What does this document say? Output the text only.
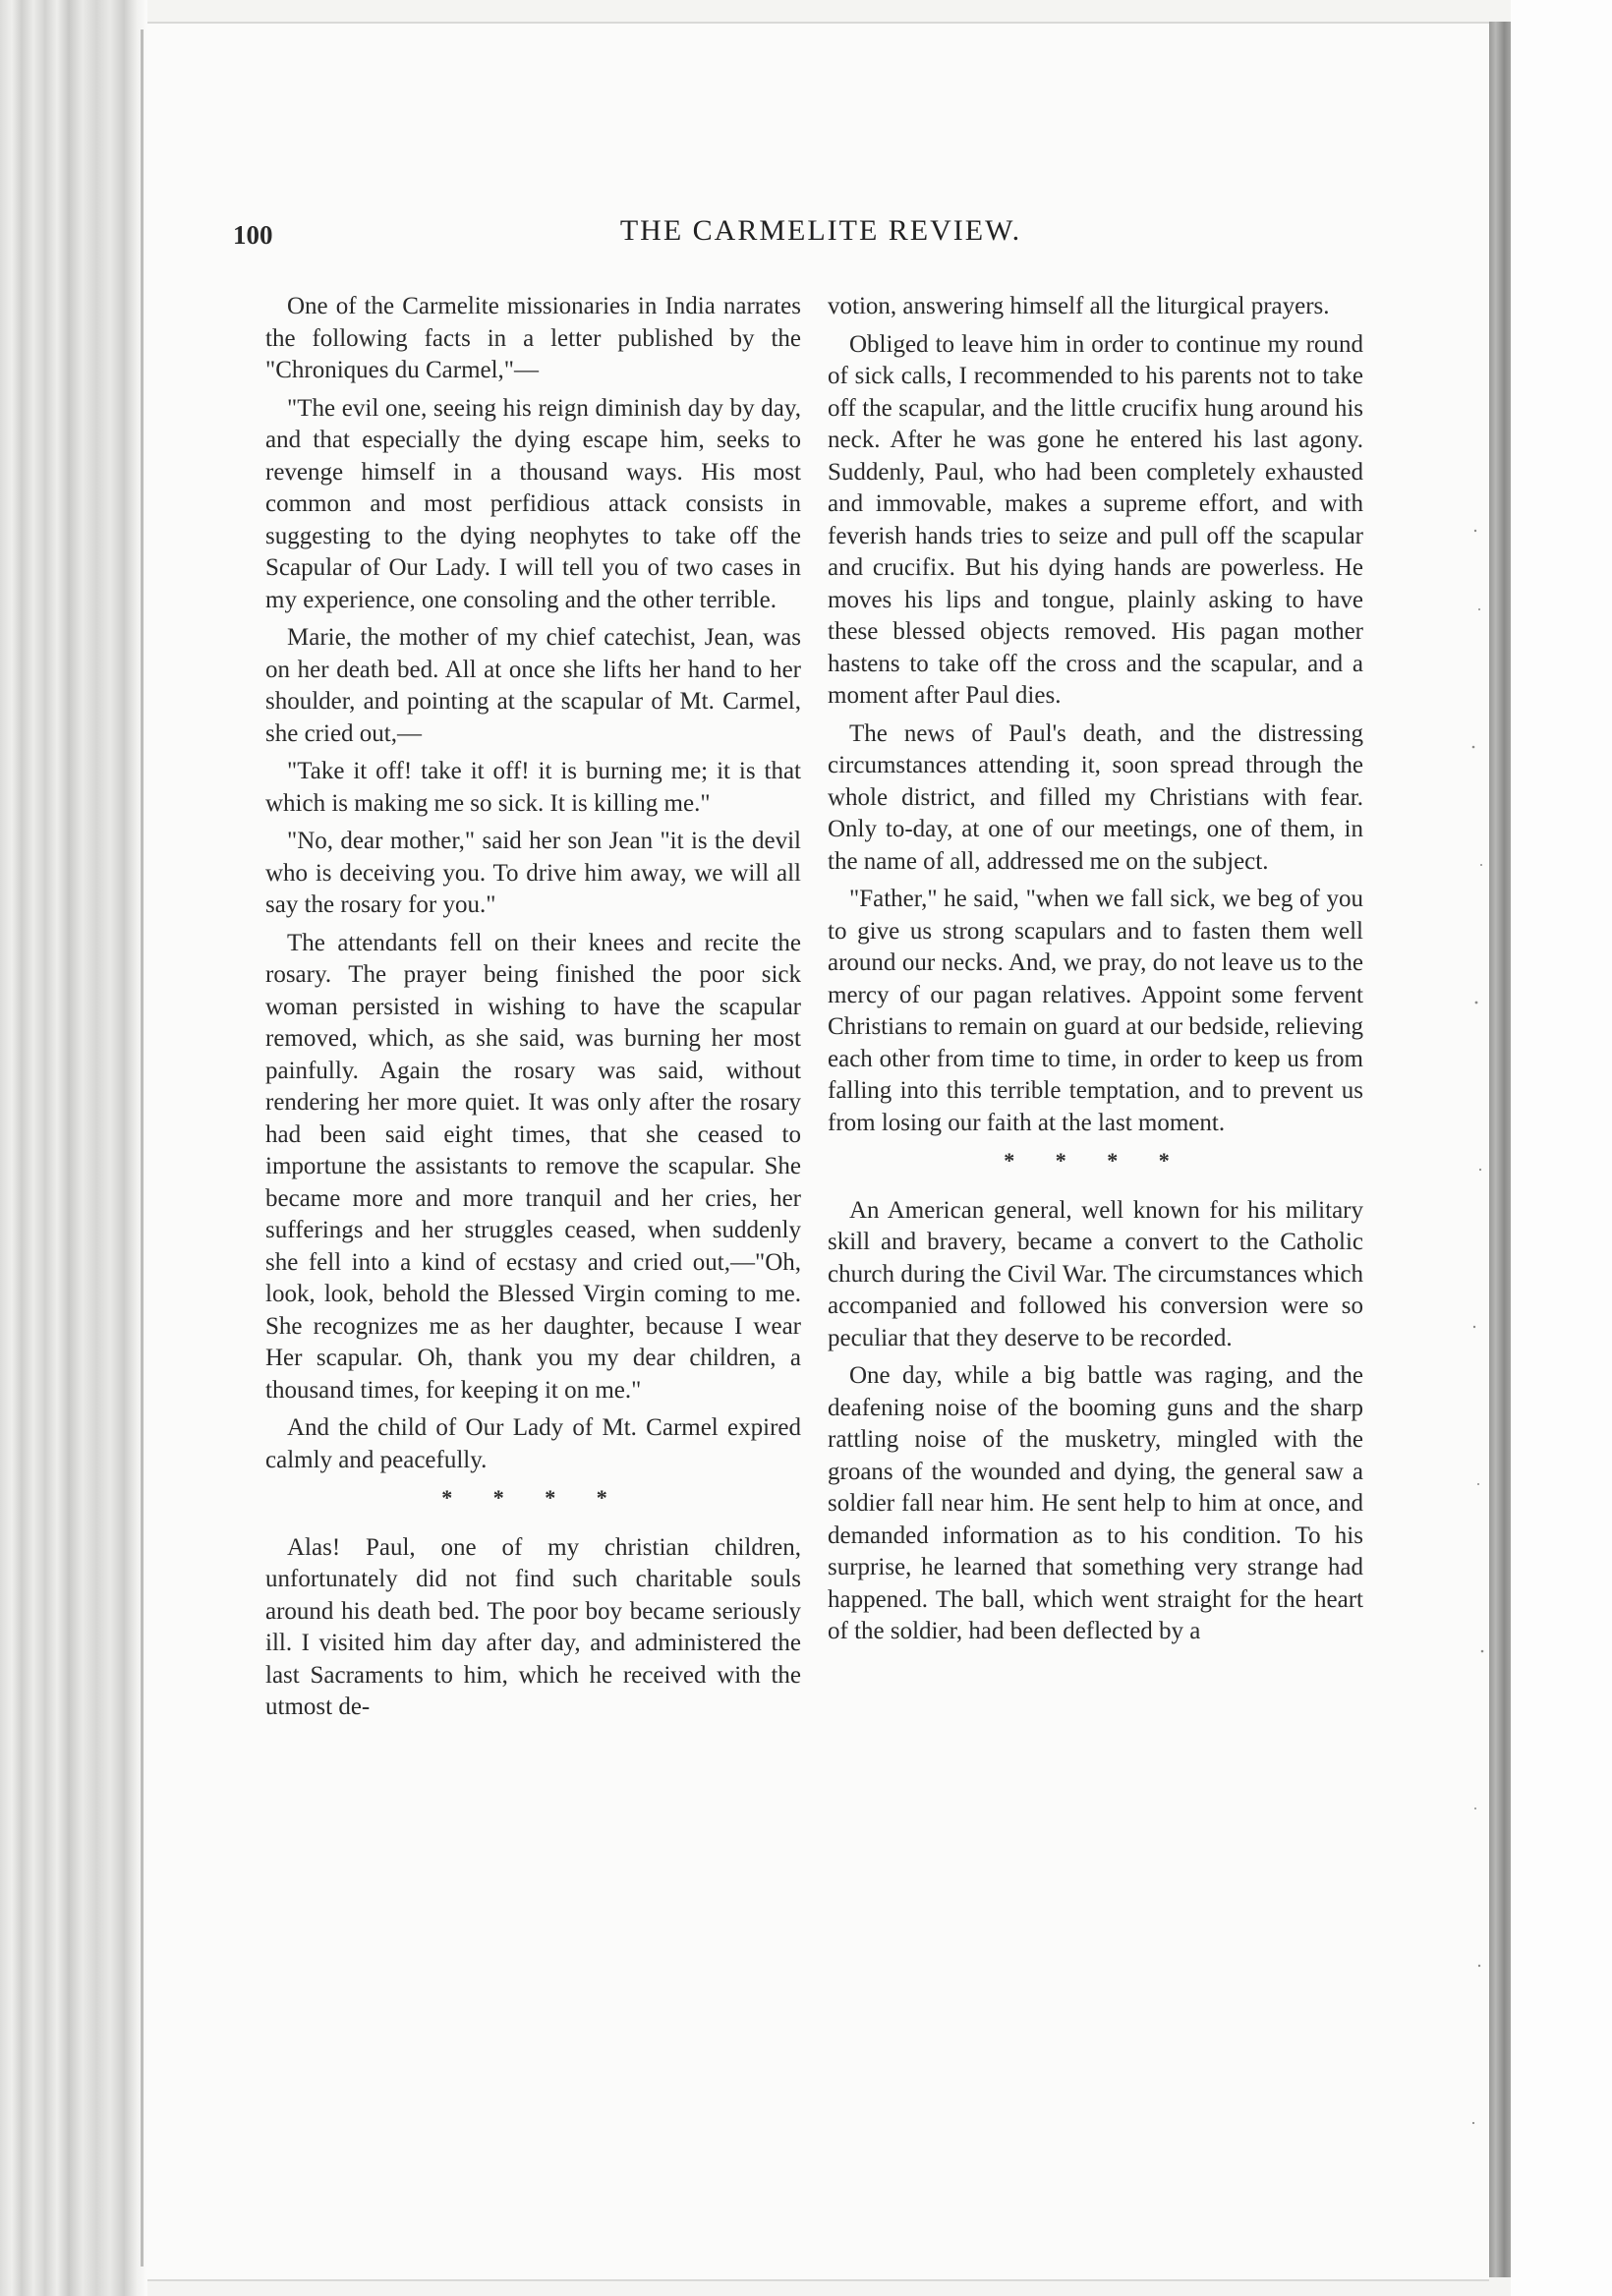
100	THE CARMELITE REVIEW.

One of the Carmelite missionaries in India narrates the following facts in a letter published by the "Chroniques du Carmel,"—

"The evil one, seeing his reign diminish day by day, and that especially the dying escape him, seeks to revenge himself in a thousand ways. His most common and most perfidious attack consists in suggesting to the dying neophytes to take off the Scapular of Our Lady. I will tell you of two cases in my experience, one consoling and the other terrible.

Marie, the mother of my chief catechist, Jean, was on her death bed. All at once she lifts her hand to her shoulder, and pointing at the scapular of Mt. Carmel, she cried out,—

"Take it off! take it off! it is burning me; it is that which is making me so sick. It is killing me."

"No, dear mother," said her son Jean "it is the devil who is deceiving you. To drive him away, we will all say the rosary for you."

The attendants fell on their knees and recite the rosary. The prayer being finished the poor sick woman persisted in wishing to have the scapular removed, which, as she said, was burning her most painfully. Again the rosary was said, without rendering her more quiet. It was only after the rosary had been said eight times, that she ceased to importune the assistants to remove the scapular. She became more and more tranquil and her cries, her sufferings and her struggles ceased, when suddenly she fell into a kind of ecstasy and cried out,—"Oh, look, look, behold the Blessed Virgin coming to me. She recognizes me as her daughter, because I wear Her scapular. Oh, thank you my dear children, a thousand times, for keeping it on me."

And the child of Our Lady of Mt. Carmel expired calmly and peacefully.

* * * *

Alas! Paul, one of my christian children, unfortunately did not find such charitable souls around his death bed. The poor boy became seriously ill. I visited him day after day, and administered the last Sacraments to him, which he received with the utmost de-

votion, answering himself all the liturgical prayers.

Obliged to leave him in order to continue my round of sick calls, I recommended to his parents not to take off the scapular, and the little crucifix hung around his neck. After he was gone he entered his last agony. Suddenly, Paul, who had been completely exhausted and immovable, makes a supreme effort, and with feverish hands tries to seize and pull off the scapular and crucifix. But his dying hands are powerless. He moves his lips and tongue, plainly asking to have these blessed objects removed. His pagan mother hastens to take off the cross and the scapular, and a moment after Paul dies.

The news of Paul's death, and the distressing circumstances attending it, soon spread through the whole district, and filled my Christians with fear. Only to-day, at one of our meetings, one of them, in the name of all, addressed me on the subject.

"Father," he said, "when we fall sick, we beg of you to give us strong scapulars and to fasten them well around our necks. And, we pray, do not leave us to the mercy of our pagan relatives. Appoint some fervent Christians to remain on guard at our bedside, relieving each other from time to time, in order to keep us from falling into this terrible temptation, and to prevent us from losing our faith at the last moment.

* * * *

An American general, well known for his military skill and bravery, became a convert to the Catholic church during the Civil War. The circumstances which accompanied and followed his conversion were so peculiar that they deserve to be recorded.

One day, while a big battle was raging, and the deafening noise of the booming guns and the sharp rattling noise of the musketry, mingled with the groans of the wounded and dying, the general saw a soldier fall near him. He sent help to him at once, and demanded information as to his condition. To his surprise, he learned that something very strange had happened. The ball, which went straight for the heart of the soldier, had been deflected by a
